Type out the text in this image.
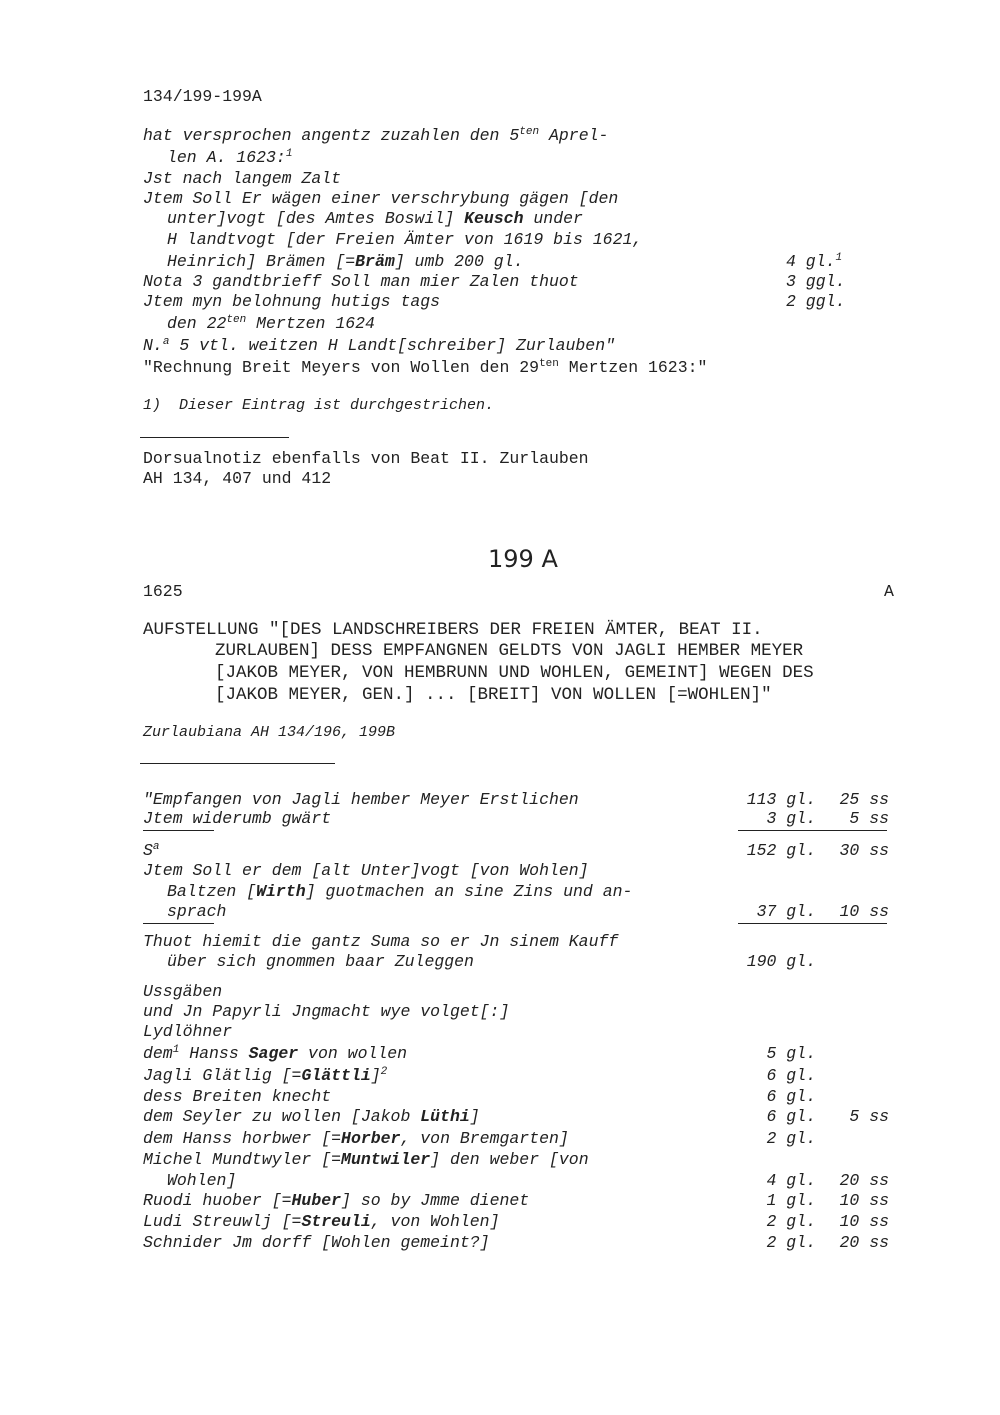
134/199-199A
hat versprochen angentz zuzahlen den $5^{ten}$ Aprel-
len A. 1623:$^1$
Jst nach langem Zalt
Jtem Soll Er wägen einer verschrybung gägen [den
unter]vogt [des Amtes Boswil] Keusch under
H landtvogt [der Freien Ämter von 1619 bis 1621,
Heinrich] Brämen [=Bräm] umb 200 gl.	4 gl.$^1$
Nota 3 gandtbrieff Soll man mier Zalen thuot	3 ggl.
Jtem myn belohnung hutigs tags	2 ggl.
den $22^{ten}$ Mertzen 1624
N.$^a$ 5 vtl. weitzen H Landt[schreiber] Zurlauben"
"Rechnung Breit Meyers von Wollen den $29^{ten}$ Mertzen 1623:"
1)  Dieser Eintrag ist durchgestrichen.
Dorsualnotiz ebenfalls von Beat II. Zurlauben
AH 134, 407 und 412
199 A
1625	A
AUFSTELLUNG "[DES LANDSCHREIBERS DER FREIEN ÄMTER, BEAT II.
ZURLAUBEN] DESS EMPFANGNEN GELDTS VON JAGLI HEMBER MEYER
[JAKOB MEYER, VON HEMBRUNN UND WOHLEN, GEMEINT] WEGEN DES
[JAKOB MEYER, GEN.] ... [BREIT] VON WOLLEN [=WOHLEN]"
Zurlaubiana AH 134/196, 199B
"Empfangen von Jagli hember Meyer Erstlichen	113 gl.	25 ss
Jtem widerumb gwärt	3 gl.	5 ss
$S^a$	152 gl.	30 ss
Jtem Soll er dem [alt Unter]vogt [von Wohlen]
Baltzen [Wirth] guotmachen an sine Zins und an-
sprach	37 gl.	10 ss
Thuot hiemit die gantz Suma so er Jn sinem Kauff
über sich gnommen baar Zuleggen	190 gl.
Ussgäben
und Jn Papyrli Jngmacht wye volget[:]
Lydlöhner
dem$^1$ Hanss Sager von wollen	5 gl.
Jagli Glätlig [=Glättli]$^2$	6 gl.
dess Breiten knecht	6 gl.
dem Seyler zu wollen [Jakob Lüthi]	6 gl.	5 ss
dem Hanss horbwer [=Horber, von Bremgarten]	2 gl.
Michel Mundtwyler [=Muntwiler] den weber [von
Wohlen]	4 gl.	20 ss
Ruodi huober [=Huber] so by Jmme dienet	1 gl.	10 ss
Ludi Streuwlj [=Streuli, von Wohlen]	2 gl.	10 ss
Schnider Jm dorff [Wohlen gemeint?]	2 gl.	20 ss
